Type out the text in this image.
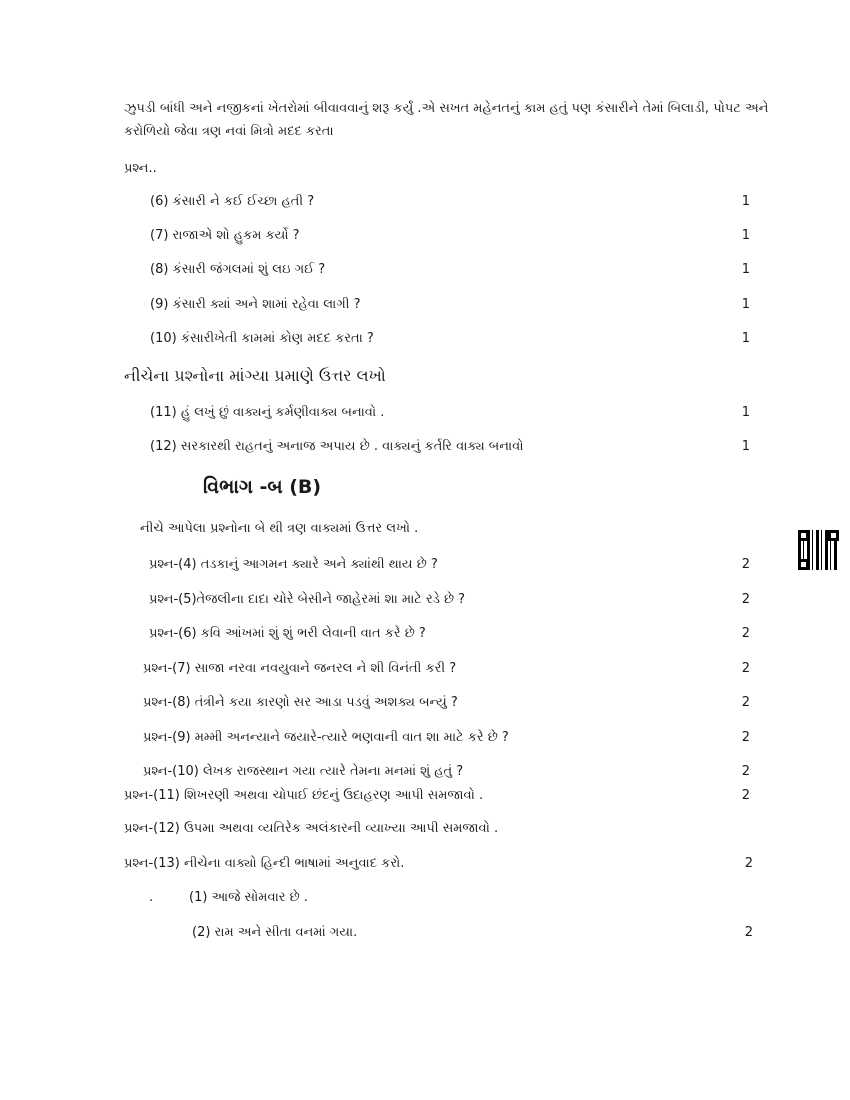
ઝુપડી બાંધી અને નજીકનાં ખેતરોમાં બીવાવવાનું શરૂ કર્યું .એ સખત મહેનતનું કામ હતું પણ કંસારીને તેમાં બિલાડી, પોપટ અને કરોળિયો જેવા ત્રણ નવાં મિત્રો મદદ કરતા
પ્રશ્ન..
(6) કંસારી ને કઈ ઈચ્છા હતી ?	1
(7) રાજાએ શો હુકમ કર્યો ?	1
(8) કંસારી જંગલમાં શું લઇ ગઈ ?	1
(9) કંસારી ક્યાં અને શામાં રહેવા લાગી ?	1
(10) કંસારીખેતી કામમાં કોણ મદદ કરતા ?	1
નીચેના પ્રશ્નોના માંગ્યા પ્રમાણે ઉત્તર લખો
(11) હું લખું છું વાક્યનું કર્મણીવાક્ય બનાવો .	1
(12) સરકારથી રાહતનું અનાજ અપાય છે . વાક્યનું કર્તરિ વાક્ય બનાવો	1
વિભાગ -બ (B)
નીચે આપેલા પ્રશ્નોના બે થી ત્રણ વાક્યમાં ઉત્તર લખો .
પ્રશ્ન-(4) તડકાનું આગમન ક્યારે અને ક્યાંથી થાય છે ?	2
પ્રશ્ન-(5)તેજલીના દાદા ચોરે બેસીને જાહેરમાં શા માટે રડે છે ?	2
પ્રશ્ન-(6) કવિ આંખમાં શું શું ભરી લેવાની વાત કરે છે ?	2
પ્રશ્ન-(7) સાજા નરવા નવયુવાને જનરલ ને શી વિનંતી કરી ?	2
પ્રશ્ન-(8) તંત્રીને કયા કારણો સર આડા પડવું અશક્ય બન્યું ?	2
પ્રશ્ન-(9) મમ્મી અનન્યાને જયારે-ત્યારે ભણવાની વાત શા માટે કરે છે ?	2
પ્રશ્ન-(10) લેખક રાજસ્થાન ગયા ત્યારે તેમના મનમાં શું હતું ?	2
પ્રશ્ન-(11) શિખરણી અથવા ચોપાઈ છંદનું ઉદાહરણ આપી સમજાવો .	2
પ્રશ્ન-(12) ઉપમા અથવા વ્યતિરેક અલંકારની વ્યાખ્યા આપી સમજાવો .
પ્રશ્ન-(13) નીચેના વાક્યો હિન્દી ભાષામાં અનુવાદ કરો.	2
.	(1) આજે સોમવાર છે .
(2) રામ અને સીતા વનમાં ગયા.	2
